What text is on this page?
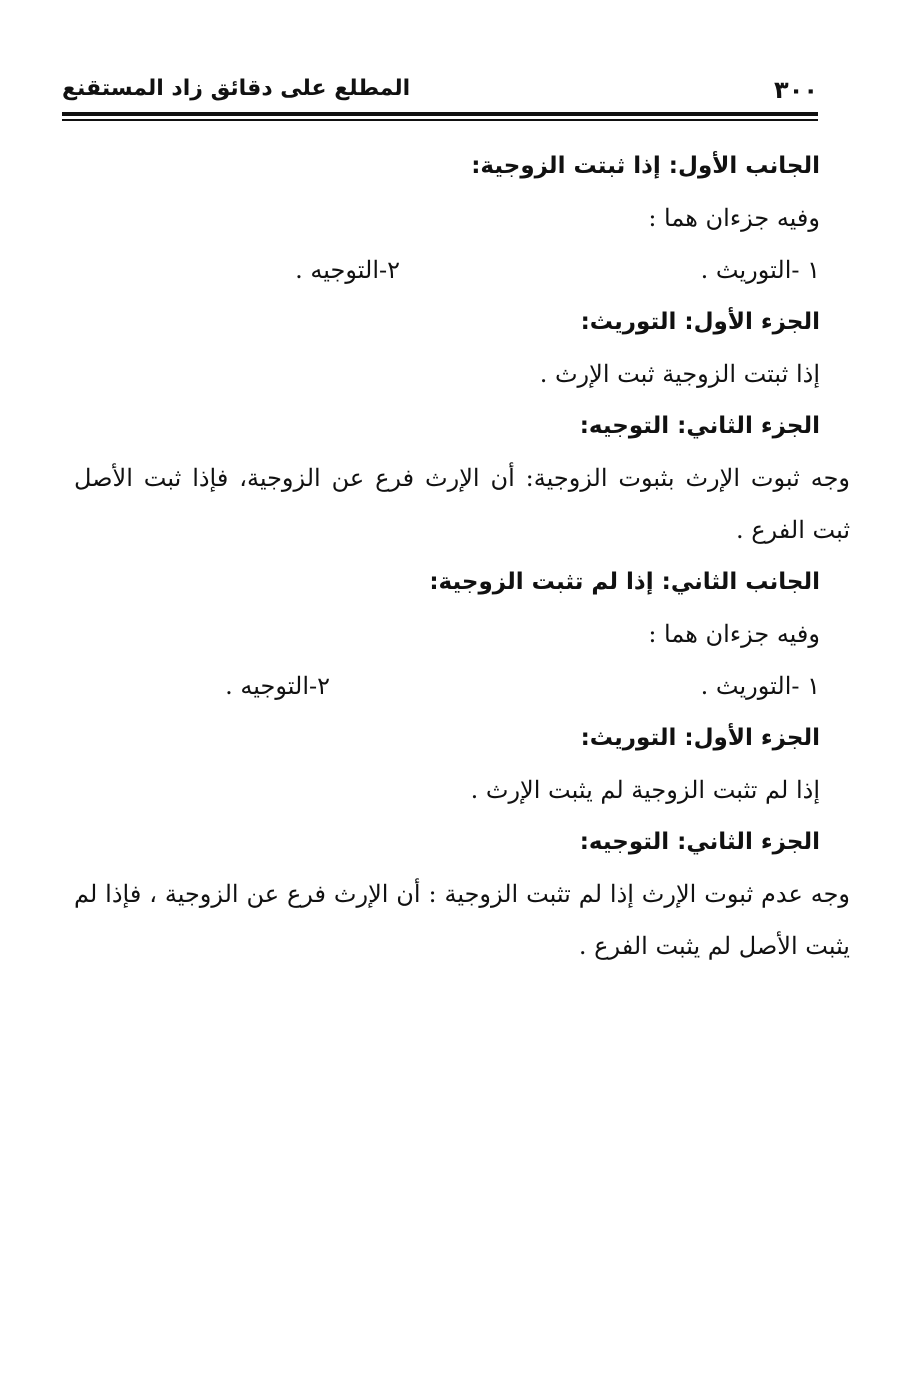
٣٠٠
المطلع على دقائق زاد المستقنع
الجانب الأول: إذا ثبتت الزوجية:
وفيه جزءان هما :
١ -التوريث .
٢-التوجيه .
الجزء الأول: التوريث:
إذا ثبتت الزوجية ثبت الإرث .
الجزء الثاني: التوجيه:
وجه ثبوت الإرث بثبوت الزوجية: أن الإرث فرع عن الزوجية، فإذا ثبت الأصل ثبت الفرع .
الجانب الثاني: إذا لم تثبت الزوجية:
وفيه جزءان هما :
١ -التوريث .
٢-التوجيه .
الجزء الأول: التوريث:
إذا لم تثبت الزوجية لم يثبت الإرث .
الجزء الثاني: التوجيه:
وجه عدم ثبوت الإرث إذا لم تثبت الزوجية : أن الإرث فرع عن الزوجية ، فإذا لم يثبت الأصل لم يثبت الفرع .
